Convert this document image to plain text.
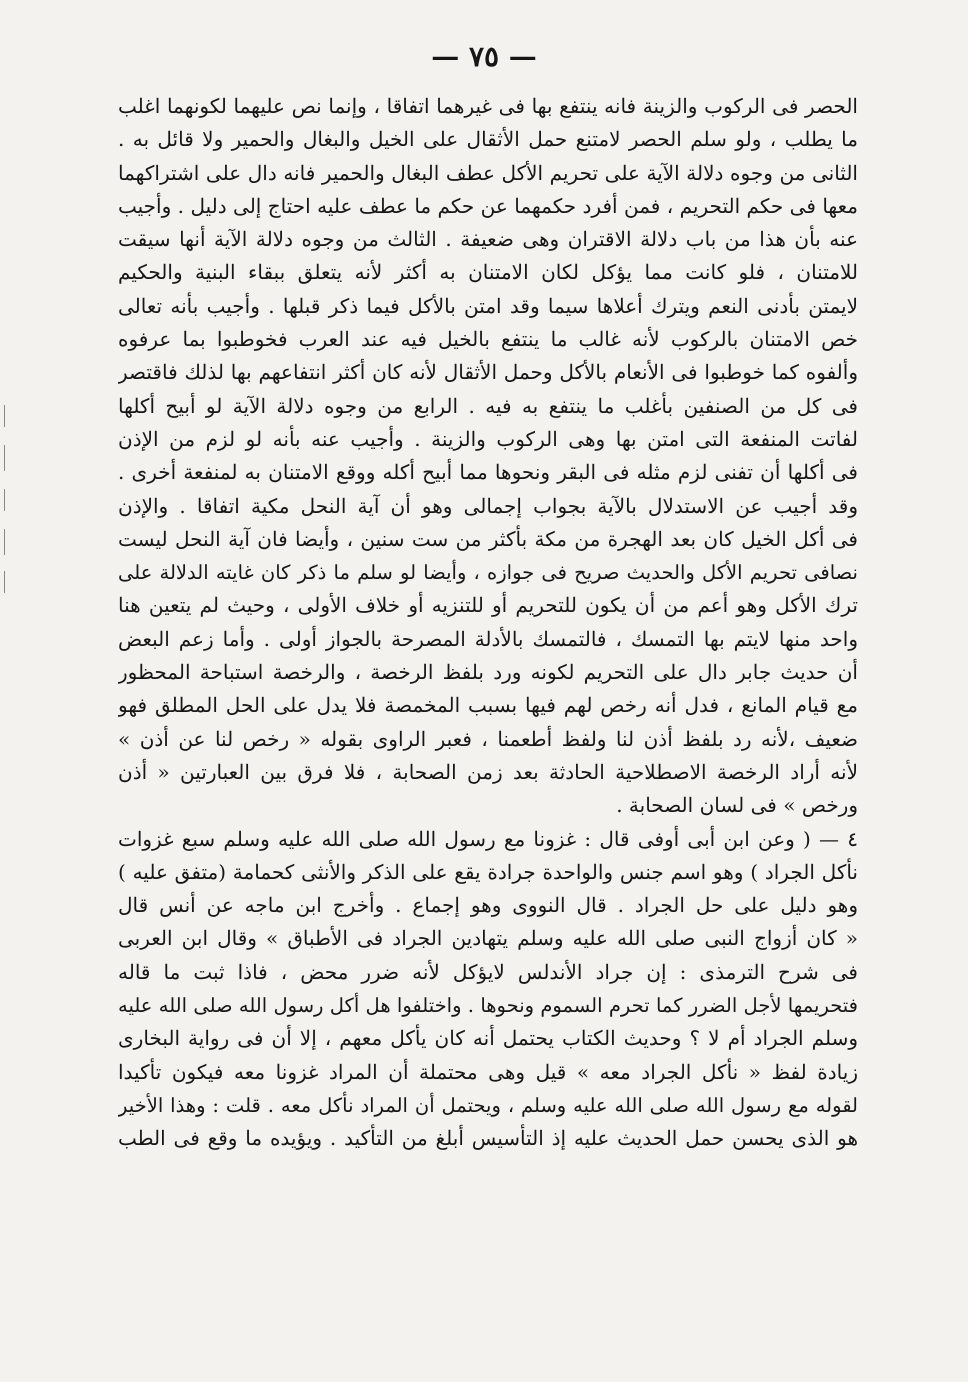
— ٧٥ —
الحصر فى الركوب والزينة فانه ينتفع بها فى غيرهما اتفاقا ، وإنما نص عليهما لكونهما اغلب
ما يطلب ، ولو سلم الحصر لامتنع حمل الأثقال على الخيل والبغال والحمير ولا قائل به .
الثانى من وجوه دلالة الآية على تحريم الأكل عطف البغال والحمير فانه دال على اشتراكهما
معها فى حكم التحريم ، فمن أفرد حكمهما عن حكم ما عطف عليه احتاج إلى دليل . وأجيب
عنه بأن هذا من باب دلالة الاقتران وهى ضعيفة . الثالث من وجوه دلالة الآية أنها سيقت
للامتنان ، فلو كانت مما يؤكل لكان الامتنان به أكثر لأنه يتعلق ببقاء البنية والحكيم
لايمتن بأدنى النعم ويترك أعلاها سيما وقد امتن بالأكل فيما ذكر قبلها . وأجيب بأنه تعالى
خص الامتنان بالركوب لأنه غالب ما ينتفع بالخيل فيه عند العرب فخوطبوا بما عرفوه
وألفوه كما خوطبوا فى الأنعام بالأكل وحمل الأثقال لأنه كان أكثر انتفاعهم بها لذلك فاقتصر
فى كل من الصنفين بأغلب ما ينتفع به فيه . الرابع من وجوه دلالة الآية لو أبيح أكلها
لفاتت المنفعة التى امتن بها وهى الركوب والزينة . وأجيب عنه بأنه لو لزم من الإذن
فى أكلها أن تفنى لزم مثله فى البقر ونحوها مما أبيح أكله ووقع الامتنان به لمنفعة أخرى .
وقد أجيب عن الاستدلال بالآية بجواب إجمالى وهو أن آية النحل مكية اتفاقا . والإذن
فى أكل الخيل كان بعد الهجرة من مكة بأكثر من ست سنين ، وأيضا فان آية النحل ليست
نصافى تحريم الأكل والحديث صريح فى جوازه ، وأيضا لو سلم ما ذكر كان غايته الدلالة على
ترك الأكل وهو أعم من أن يكون للتحريم أو للتنزيه أو خلاف الأولى ، وحيث لم يتعين هنا
واحد منها لايتم بها التمسك ، فالتمسك بالأدلة المصرحة بالجواز أولى . وأما زعم البعض
أن حديث جابر دال على التحريم لكونه ورد بلفظ الرخصة ، والرخصة استباحة المحظور
مع قيام المانع ، فدل أنه رخص لهم فيها بسبب المخمصة فلا يدل على الحل المطلق فهو
ضعيف ،لأنه رد بلفظ أذن لنا ولفظ أطعمنا ، فعبر الراوى بقوله « رخص لنا عن أذن »
لأنه أراد الرخصة الاصطلاحية الحادثة بعد زمن الصحابة ، فلا فرق بين العبارتين « أذن
ورخص » فى لسان الصحابة .
٤ — ( وعن ابن أبى أوفى قال : غزونا مع رسول الله صلى الله عليه وسلم سبع غزوات
نأكل الجراد ) وهو اسم جنس والواحدة جرادة يقع على الذكر والأنثى كحمامة (متفق عليه )
وهو دليل على حل الجراد . قال النووى وهو إجماع . وأخرج ابن ماجه عن أنس قال
« كان أزواج النبى صلى الله عليه وسلم يتهادين الجراد فى الأطباق » وقال ابن العربى
فى شرح الترمذى : إن جراد الأندلس لايؤكل لأنه ضرر محض ، فاذا ثبت ما قاله
فتحريمها لأجل الضرر كما تحرم السموم ونحوها . واختلفوا هل أكل رسول الله صلى الله عليه
وسلم الجراد أم لا ؟ وحديث الكتاب يحتمل أنه كان يأكل معهم ، إلا أن فى رواية البخارى
زيادة لفظ « نأكل الجراد معه » قيل وهى محتملة أن المراد غزونا معه فيكون تأكيدا
لقوله مع رسول الله صلى الله عليه وسلم ، ويحتمل أن المراد نأكل معه . قلت : وهذا الأخير
هو الذى يحسن حمل الحديث عليه إذ التأسيس أبلغ من التأكيد . ويؤيده ما وقع فى الطب
